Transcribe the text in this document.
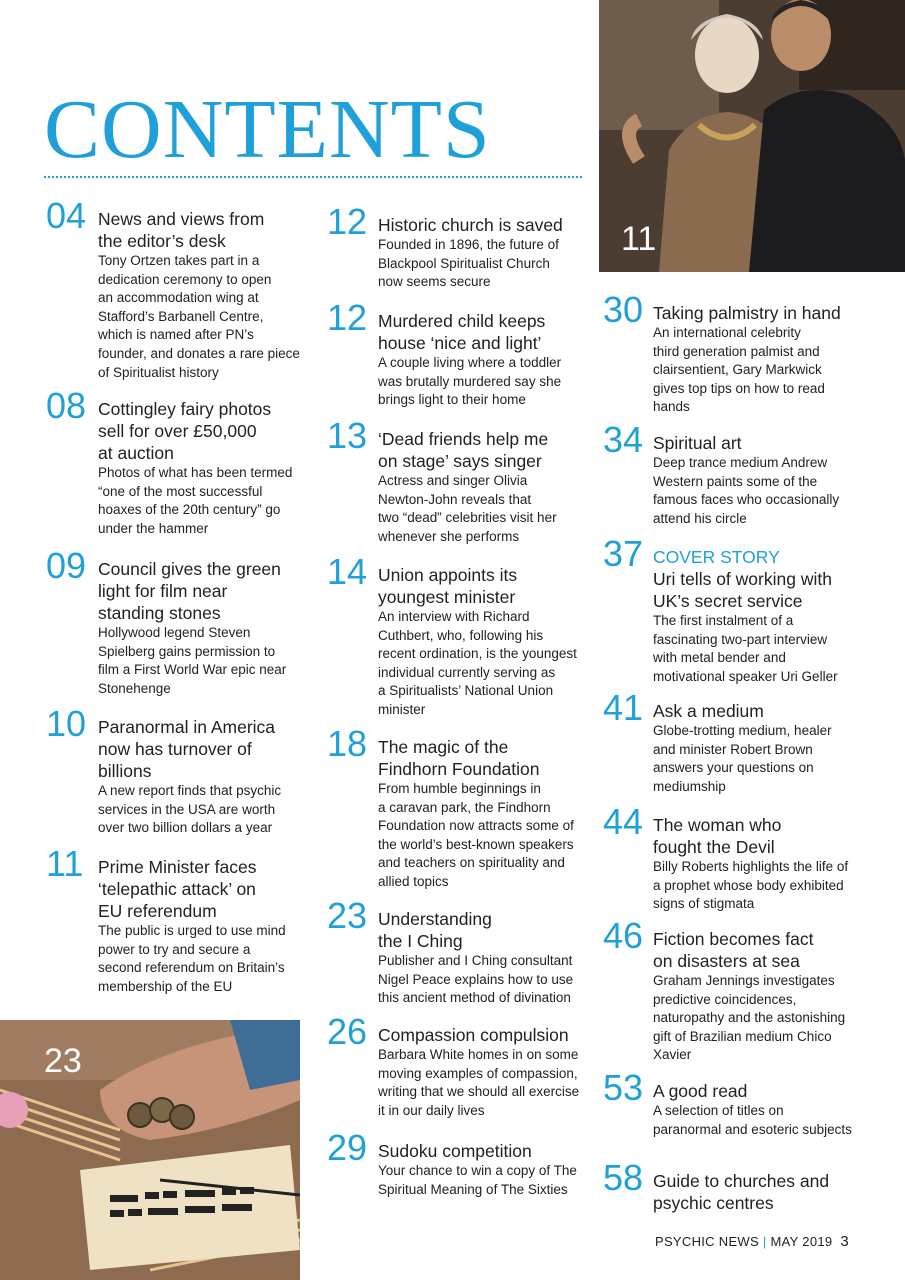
11
23
CONTENTS
04 News and views from
the editor’s desk
Tony Ortzen takes part in a
dedication ceremony to open
an accommodation wing at
Stafford’s Barbanell Centre,
which is named after PN’s
founder, and donates a rare piece
of Spiritualist history
08 Cottingley fairy photos
sell for over £50,000
at auction
Photos of what has been termed
“one of the most successful
hoaxes of the 20th century” go
under the hammer
09 Council gives the green
light for film near
standing stones
Hollywood legend Steven
Spielberg gains permission to
film a First World War epic near
Stonehenge
10 Paranormal in America
now has turnover of
billions
A new report finds that psychic
services in the USA are worth
over two billion dollars a year
11 Prime Minister faces
‘telepathic attack’ on
EU referendum
The public is urged to use mind
power to try and secure a
second referendum on Britain’s
membership of the EU
12 Historic church is saved
Founded in 1896, the future of
Blackpool Spiritualist Church
now seems secure
12 Murdered child keeps
house ‘nice and light’
A couple living where a toddler
was brutally murdered say she
brings light to their home
13 ‘Dead friends help me
on stage’ says singer
Actress and singer Olivia
Newton-John reveals that
two “dead” celebrities visit her
whenever she performs
14 Union appoints its
youngest minister
An interview with Richard
Cuthbert, who, following his
recent ordination, is the youngest
individual currently serving as
a Spiritualists’ National Union
minister
18 The magic of the
Findhorn Foundation
From humble beginnings in
a caravan park, the Findhorn
Foundation now attracts some of
the world’s best-known speakers
and teachers on spirituality and
allied topics
23 Understanding
the I Ching
Publisher and I Ching consultant
Nigel Peace explains how to use
this ancient method of divination
26 Compassion compulsion
Barbara White homes in on some
moving examples of compassion,
writing that we should all exercise
it in our daily lives
29 Sudoku competition
Your chance to win a copy of The
Spiritual Meaning of The Sixties
30 Taking palmistry in hand
An international celebrity
third generation palmist and
clairsentient, Gary Markwick
gives top tips on how to read
hands
34 Spiritual art
Deep trance medium Andrew
Western paints some of the
famous faces who occasionally
attend his circle
37 COVER STORY
Uri tells of working with
UK’s secret service
The first instalment of a
fascinating two-part interview
with metal bender and
motivational speaker Uri Geller
41 Ask a medium
Globe-trotting medium, healer
and minister Robert Brown
answers your questions on
mediumship
44 The woman who
fought the Devil
Billy Roberts highlights the life of
a prophet whose body exhibited
signs of stigmata
46 Fiction becomes fact
on disasters at sea
Graham Jennings investigates
predictive coincidences,
naturopathy and the astonishing
gift of Brazilian medium Chico
Xavier
53 A good read
A selection of titles on
paranormal and esoteric subjects
58 Guide to churches and
psychic centres
PSYCHIC NEWS | MAY 2019 3
